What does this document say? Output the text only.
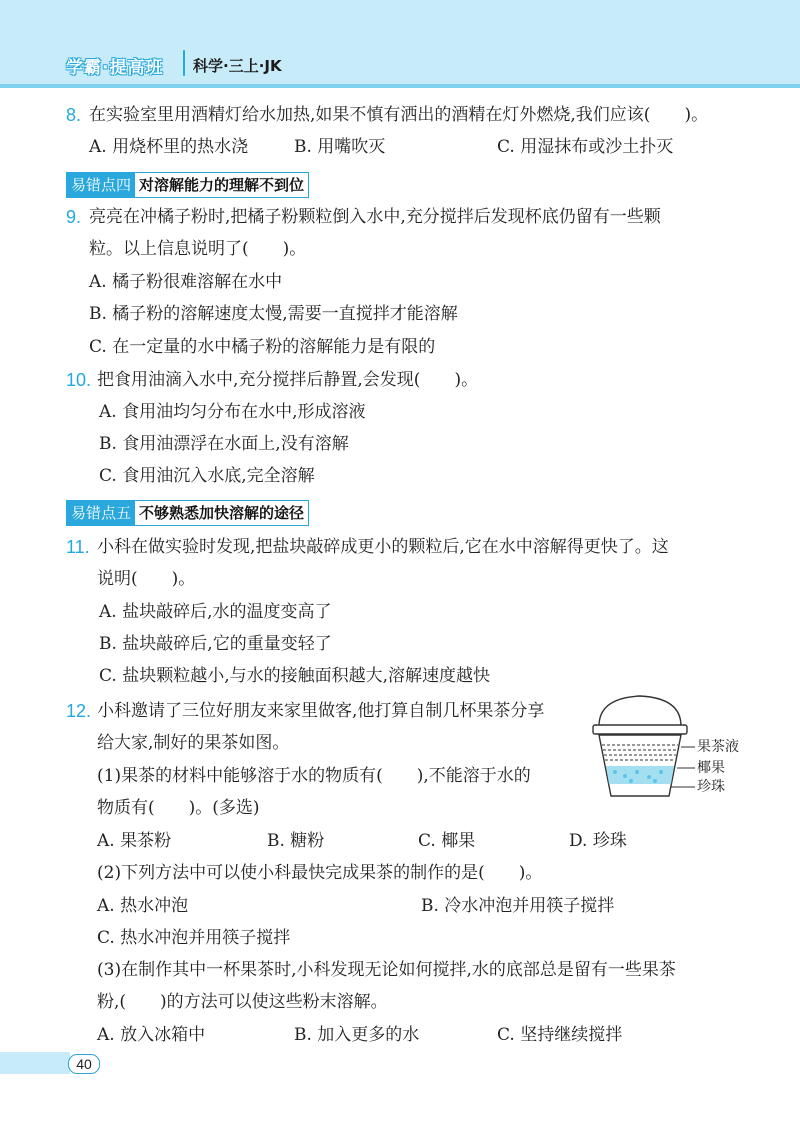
学霸·提高班 科学·三上·JK
8. 在实验室里用酒精灯给水加热,如果不慎有洒出的酒精在灯外燃烧,我们应该(　　)。
A. 用烧杯里的热水浇	B. 用嘴吹灭	C. 用湿抹布或沙土扑灭
易错点四 对溶解能力的理解不到位
9. 亮亮在冲橘子粉时,把橘子粉颗粒倒入水中,充分搅拌后发现杯底仍留有一些颗
粒。以上信息说明了(　　)。
A. 橘子粉很难溶解在水中
B. 橘子粉的溶解速度太慢,需要一直搅拌才能溶解
C. 在一定量的水中橘子粉的溶解能力是有限的
10. 把食用油滴入水中,充分搅拌后静置,会发现(　　)。
A. 食用油均匀分布在水中,形成溶液
B. 食用油漂浮在水面上,没有溶解
C. 食用油沉入水底,完全溶解
易错点五 不够熟悉加快溶解的途径
11. 小科在做实验时发现,把盐块敲碎成更小的颗粒后,它在水中溶解得更快了。这
说明(　　)。
A. 盐块敲碎后,水的温度变高了
B. 盐块敲碎后,它的重量变轻了
C. 盐块颗粒越小,与水的接触面积越大,溶解速度越快
12. 小科邀请了三位好朋友来家里做客,他打算自制几杯果茶分享
给大家,制好的果茶如图。
(1)果茶的材料中能够溶于水的物质有(　　),不能溶于水的
物质有(　　)。(多选)
A. 果茶粉	B. 糖粉	C. 椰果	D. 珍珠
(2)下列方法中可以使小科最快完成果茶的制作的是(　　)。
A. 热水冲泡	B. 冷水冲泡并用筷子搅拌
C. 热水冲泡并用筷子搅拌
(3)在制作其中一杯果茶时,小科发现无论如何搅拌,水的底部总是留有一些果茶
粉,(　　)的方法可以使这些粉末溶解。
A. 放入冰箱中	B. 加入更多的水	C. 坚持继续搅拌
果茶液
椰果
珍珠
40
